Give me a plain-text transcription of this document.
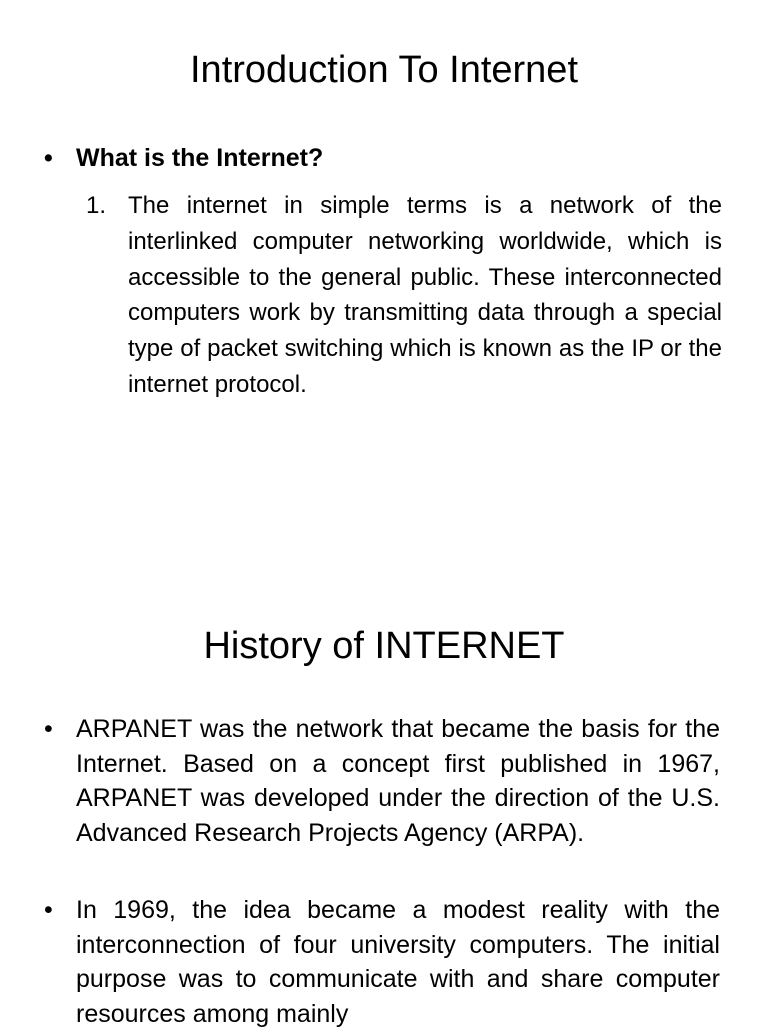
Introduction To Internet
• What is the Internet?
1. The internet in simple terms is a network of the interlinked computer networking worldwide, which is accessible to the general public. These interconnected computers work by transmitting data through a special type of packet switching which is known as the IP or the internet protocol.
History of INTERNET
• ARPANET was the network that became the basis for the Internet. Based on a concept first published in 1967, ARPANET was developed under the direction of the U.S. Advanced Research Projects Agency (ARPA).
• In 1969, the idea became a modest reality with the interconnection of four university computers. The initial purpose was to communicate with and share computer resources among mainly
